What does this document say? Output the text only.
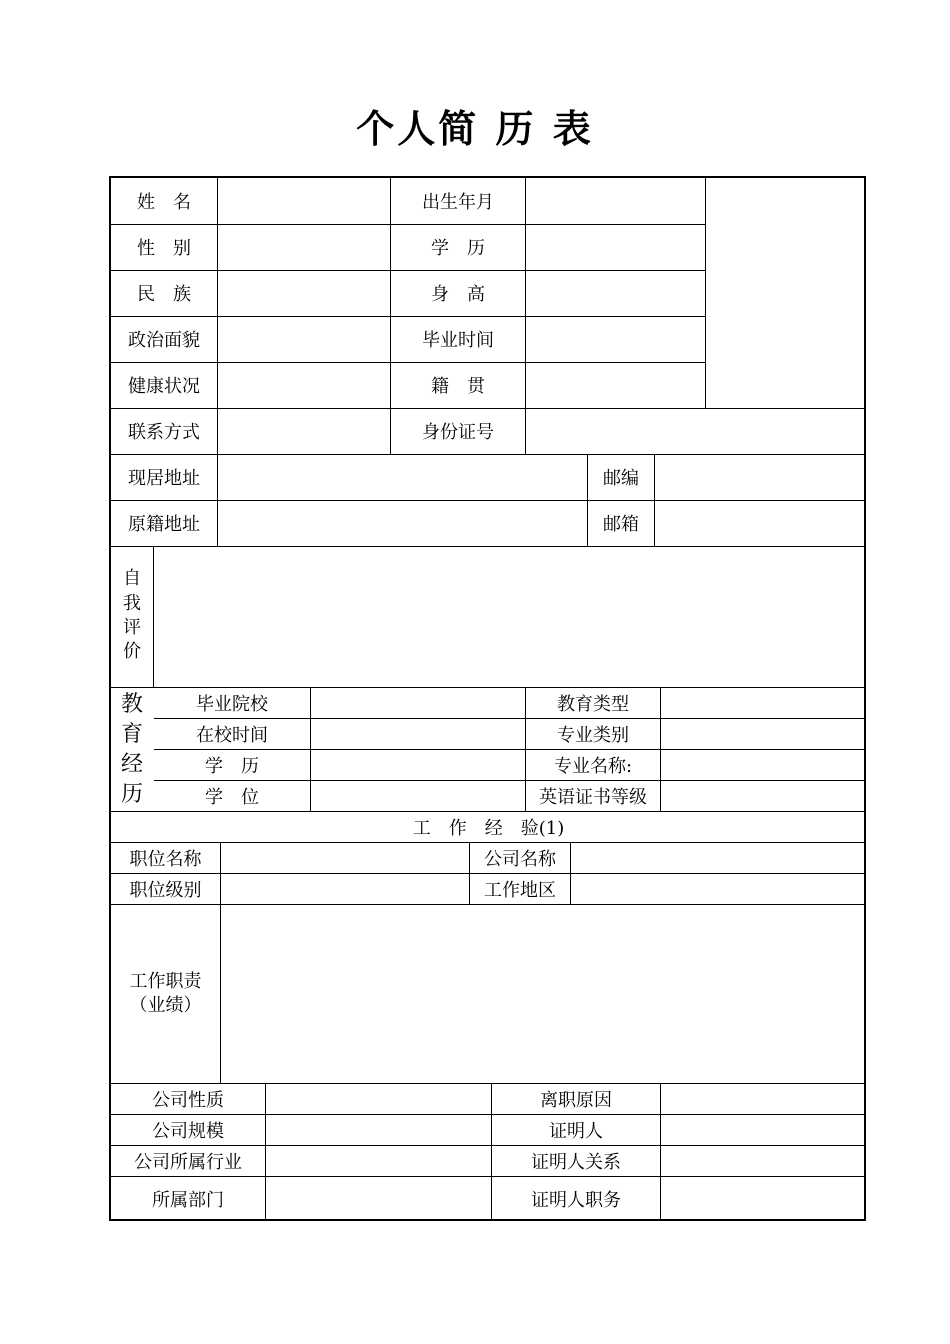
个人简 历 表
姓　名	出生年月
性　别	学　历
民　族	身　高
政治面貌	毕业时间
健康状况	籍　贯
联系方式	身份证号
现居地址	邮编
原籍地址	邮箱
自
我
评
价
教
育
经
历
毕业院校	教育类型
在校时间	专业类别
学　历	专业名称:
学　位	英语证书等级
工　作　经　验(1)
职位名称	公司名称
职位级别	工作地区
工作职责
（业绩）
公司性质	离职原因
公司规模	证明人
公司所属行业	证明人关系
所属部门	证明人职务
